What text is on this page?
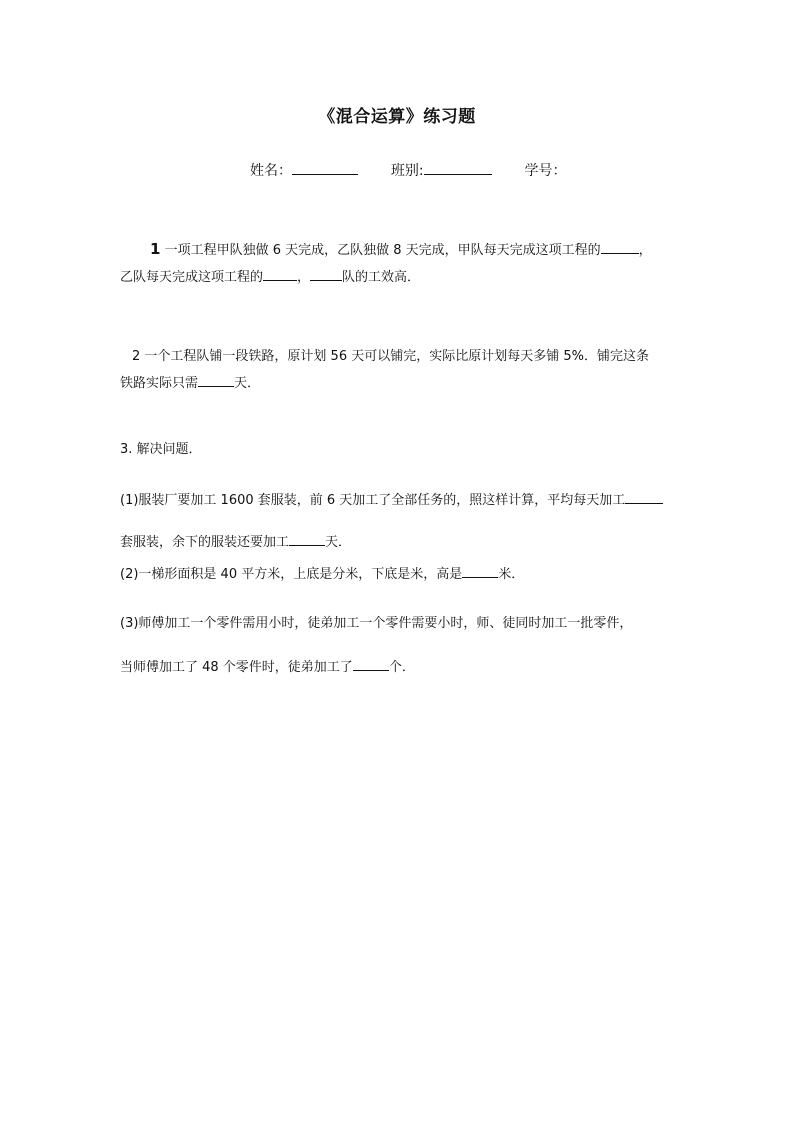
《混合运算》练习题
姓名：	班别:	学号：
1 一项工程甲队独做 6 天完成，乙队独做 8 天完成，甲队每天完成这项工程的	，
乙队每天完成这项工程的	， 队的工效高．
2 一个工程队铺一段铁路，原计划 56 天可以铺完，实际比原计划每天多铺 5%．铺完这条
铁路实际只需	天．
3. 解决问题．
(1)服装厂要加工 1600 套服装，前 6 天加工了全部任务的，照这样计算，平均每天加工
套服装，余下的服装还要加工	天．
(2)一梯形面积是 40 平方米，上底是分米，下底是米，高是	米．
(3)师傅加工一个零件需用小时，徒弟加工一个零件需要小时，师、徒同时加工一批零件，
当师傅加工了 48 个零件时，徒弟加工了	个．
